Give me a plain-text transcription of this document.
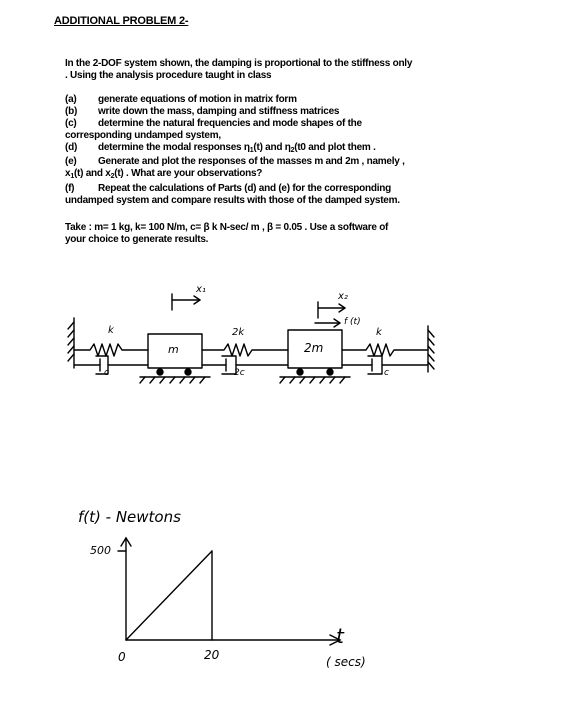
ADDITIONAL PROBLEM 2-
In the 2-DOF system shown, the damping is proportional to the stiffness only
. Using the analysis procedure taught in class
(a) generate equations of motion in matrix form
(b) write down the mass, damping and stiffness matrices
(c) determine the natural frequencies and mode shapes of the
corresponding undamped system,
(d) determine the modal responses $\eta_1(t)$ and $\eta_2(t0$ and plot them .
(e) Generate and plot the responses of the masses m and 2m , namely ,
$x_1(t)$ and $x_2(t)$ . What are your observations?
(f) Repeat the calculations of Parts (d) and (e) for the corresponding
undamped system and compare results with those of the damped system.
Take : m= 1 kg, k= 100 N/m, c= β k N-sec/ m , β = 0.05 . Use a software of
your choice to generate results.
x₁
x₂
k
c
m
2k
2c
2m
f (t)
k
c
f(t) - Newtons
500
0	20
t
( secs)
